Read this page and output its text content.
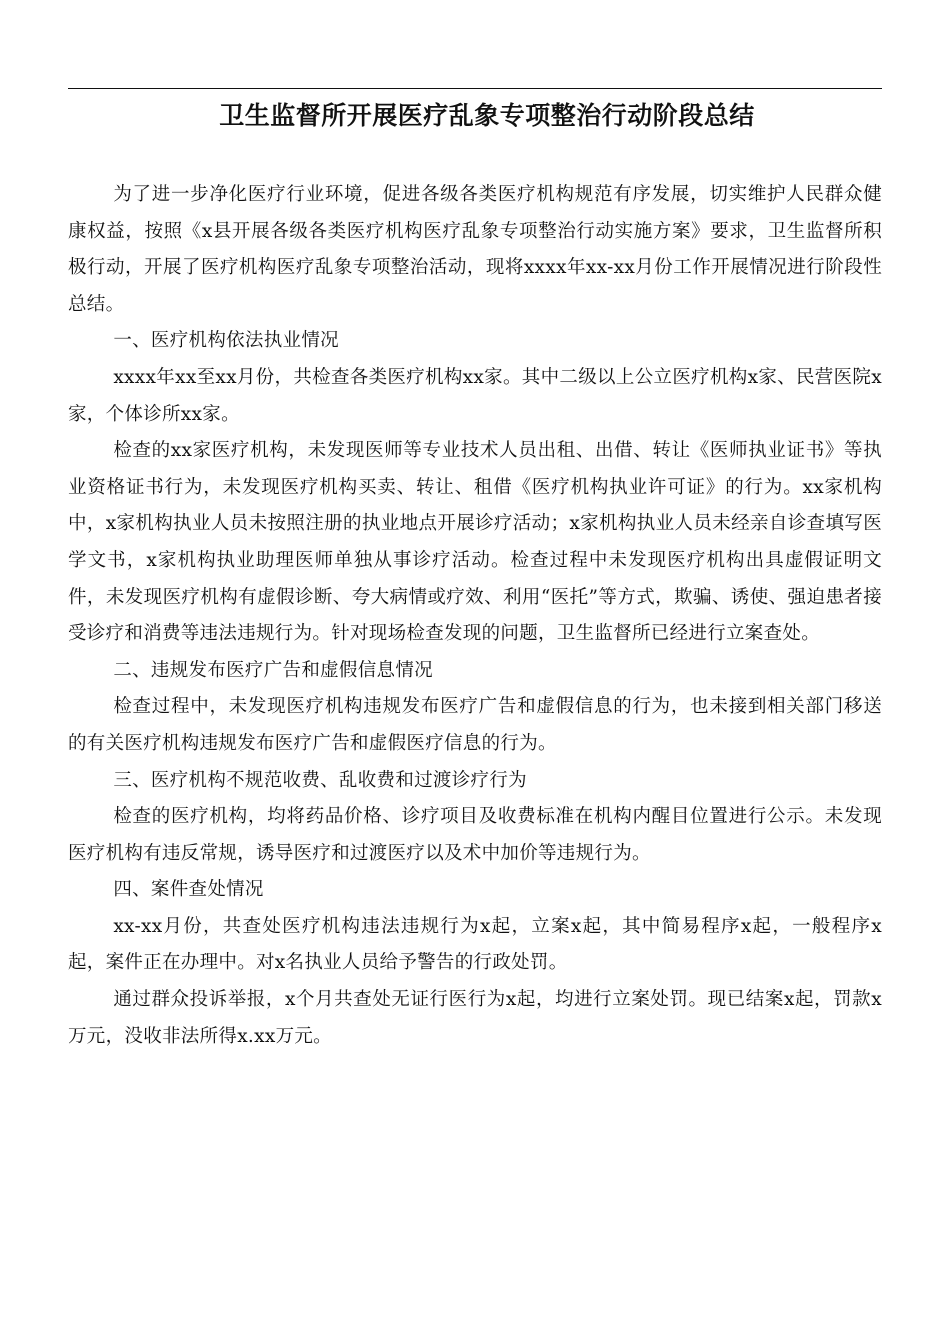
卫生监督所开展医疗乱象专项整治行动阶段总结

为了进一步净化医疗行业环境，促进各级各类医疗机构规范有序发展，切实维护人民群众健康权益，按照《x县开展各级各类医疗机构医疗乱象专项整治行动实施方案》要求，卫生监督所积极行动，开展了医疗机构医疗乱象专项整治活动，现将xxxx年xx-xx月份工作开展情况进行阶段性总结。

一、医疗机构依法执业情况

xxxx年xx至xx月份，共检查各类医疗机构xx家。其中二级以上公立医疗机构x家、民营医院x家，个体诊所xx家。

检查的xx家医疗机构，未发现医师等专业技术人员出租、出借、转让《医师执业证书》等执业资格证书行为，未发现医疗机构买卖、转让、租借《医疗机构执业许可证》的行为。xx家机构中，x家机构执业人员未按照注册的执业地点开展诊疗活动；x家机构执业人员未经亲自诊查填写医学文书，x家机构执业助理医师单独从事诊疗活动。检查过程中未发现医疗机构出具虚假证明文件，未发现医疗机构有虚假诊断、夸大病情或疗效、利用“医托”等方式，欺骗、诱使、强迫患者接受诊疗和消费等违法违规行为。针对现场检查发现的问题，卫生监督所已经进行立案查处。

二、违规发布医疗广告和虚假信息情况

检查过程中，未发现医疗机构违规发布医疗广告和虚假信息的行为，也未接到相关部门移送的有关医疗机构违规发布医疗广告和虚假医疗信息的行为。

三、医疗机构不规范收费、乱收费和过渡诊疗行为

检查的医疗机构，均将药品价格、诊疗项目及收费标准在机构内醒目位置进行公示。未发现医疗机构有违反常规，诱导医疗和过渡医疗以及术中加价等违规行为。

四、案件查处情况

xx-xx月份，共查处医疗机构违法违规行为x起，立案x起，其中简易程序x起，一般程序x起，案件正在办理中。对x名执业人员给予警告的行政处罚。

通过群众投诉举报，x个月共查处无证行医行为x起，均进行立案处罚。现已结案x起，罚款x万元，没收非法所得x.xx万元。
